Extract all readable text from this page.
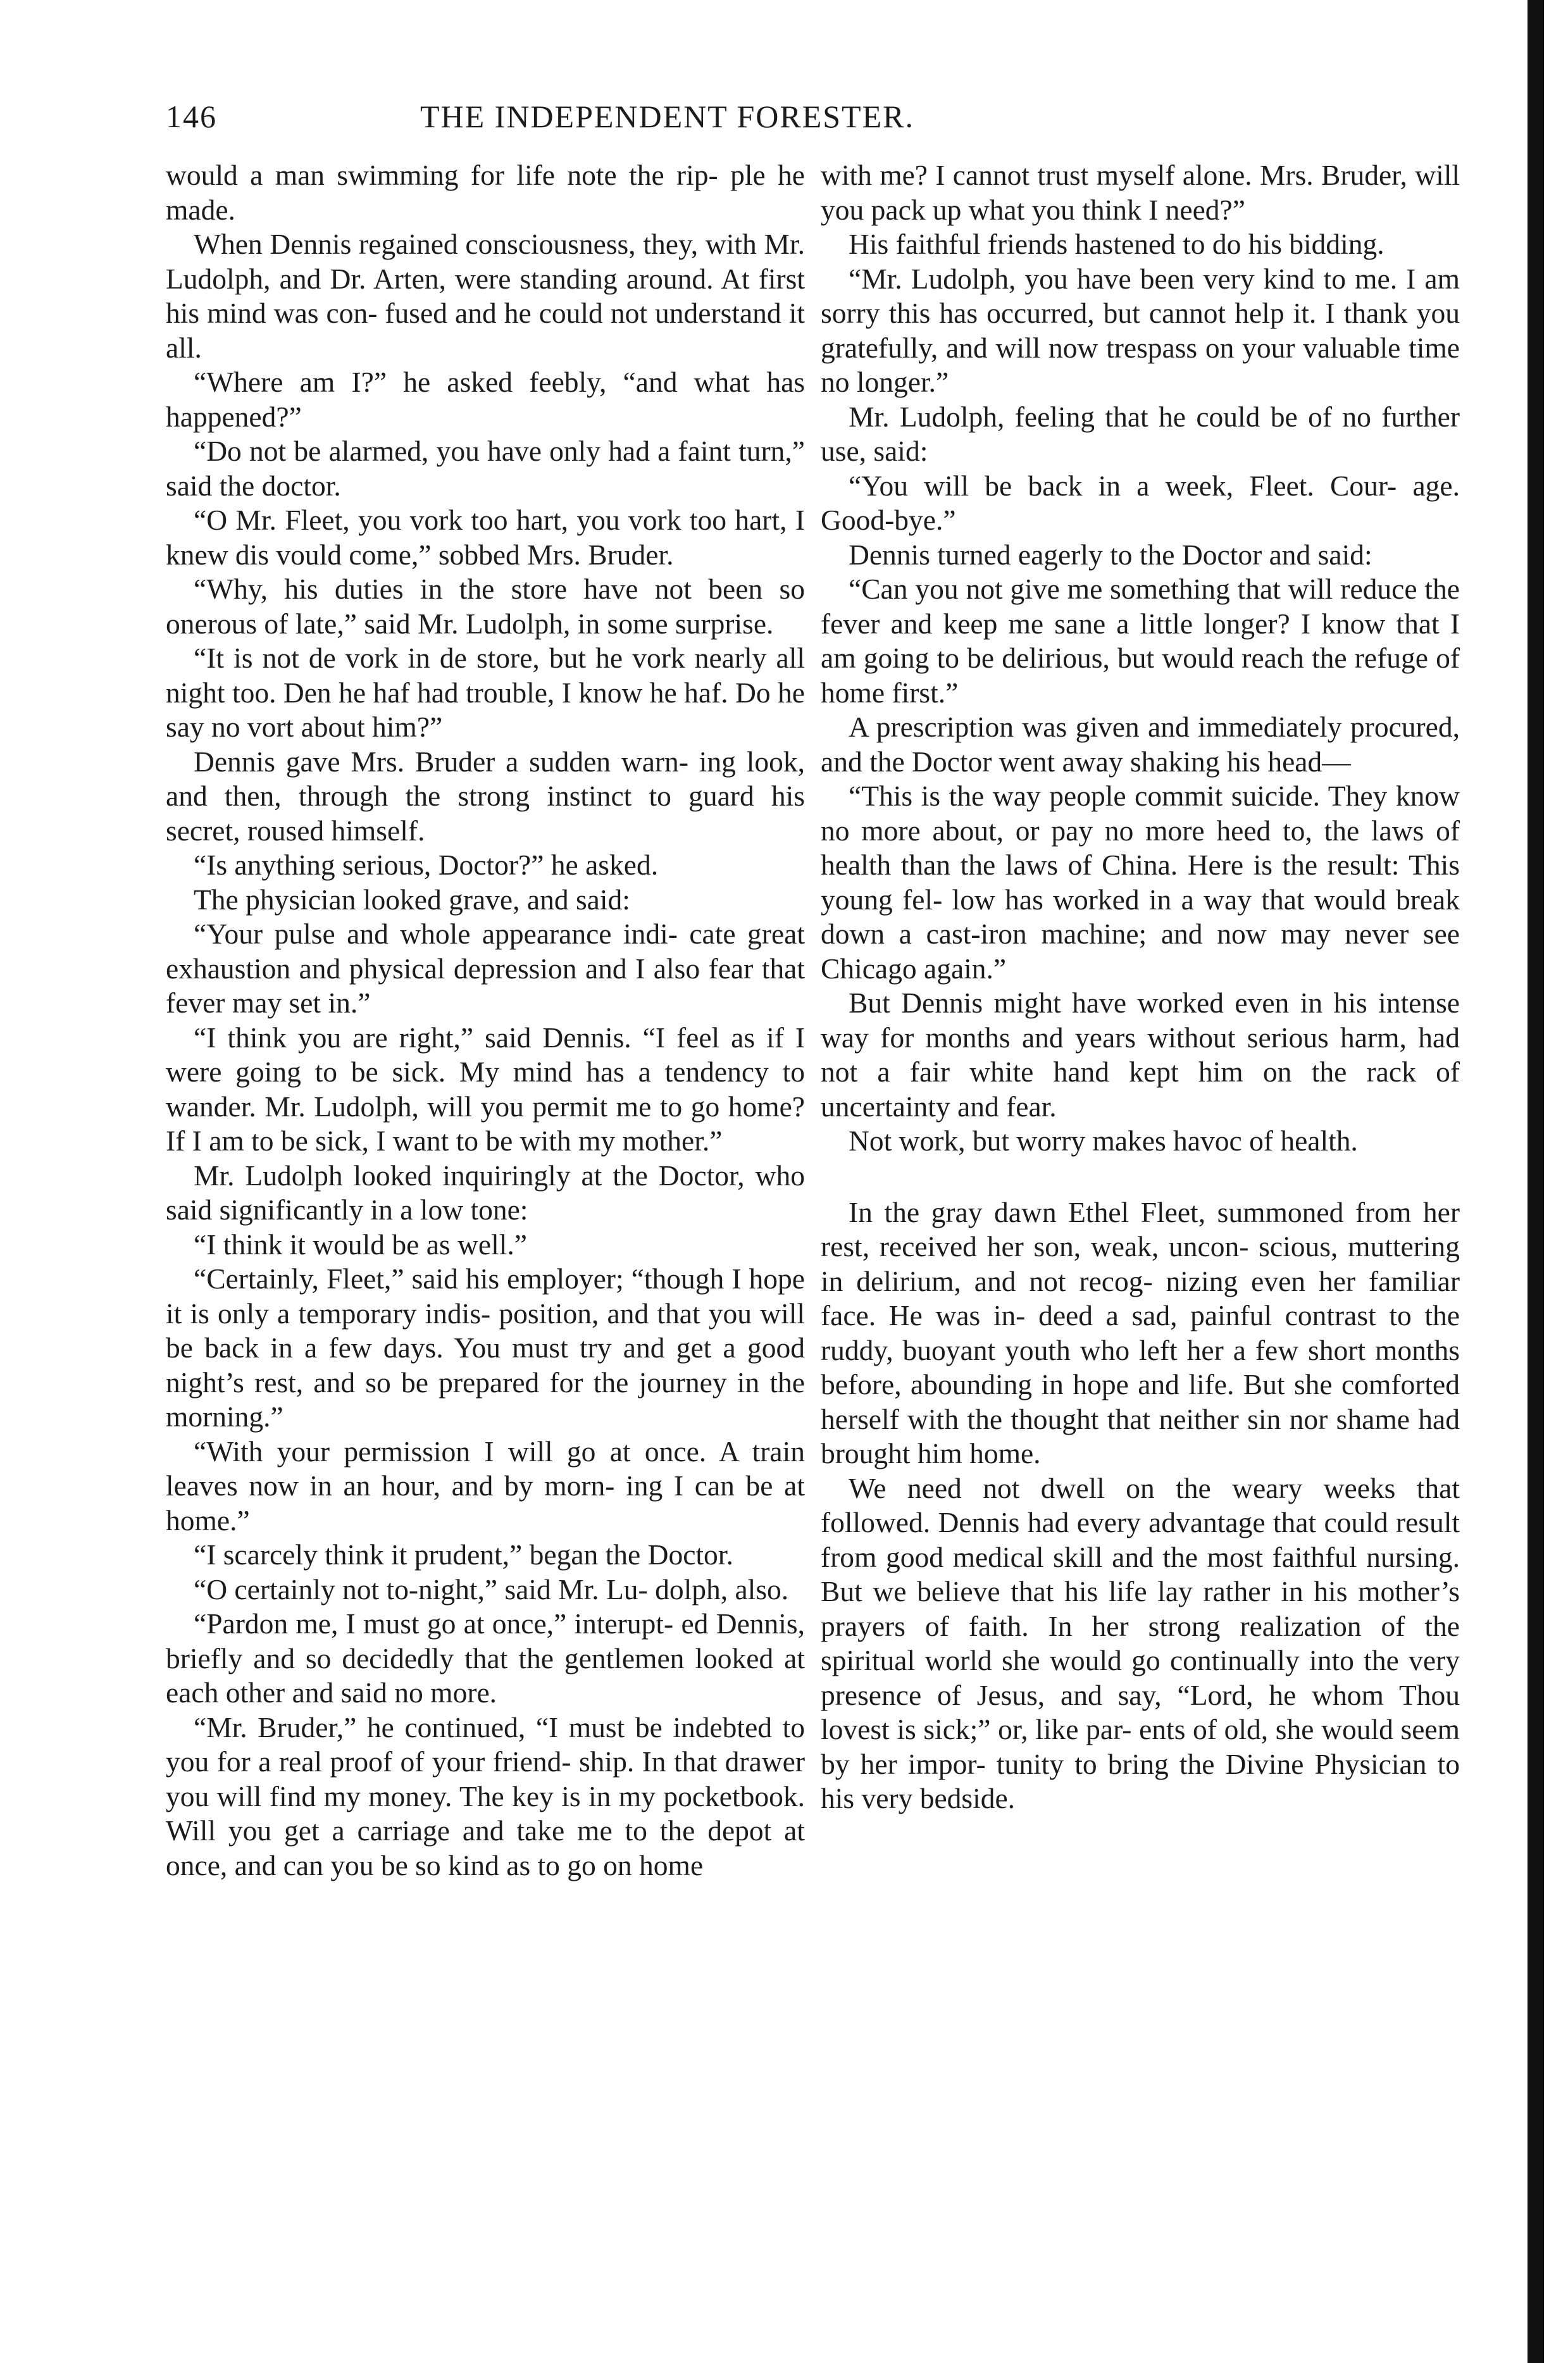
146	THE INDEPENDENT FORESTER.

would a man swimming for life note the rip- ple he made.

When Dennis regained consciousness, they, with Mr. Ludolph, and Dr. Arten, were standing around. At first his mind was con- fused and he could not understand it all.

“Where am I?” he asked feebly, “and what has happened?”

“Do not be alarmed, you have only had a faint turn,” said the doctor.

“O Mr. Fleet, you vork too hart, you vork too hart, I knew dis vould come,” sobbed Mrs. Bruder.

“Why, his duties in the store have not been so onerous of late,” said Mr. Ludolph, in some surprise.

“It is not de vork in de store, but he vork nearly all night too. Den he haf had trouble, I know he haf. Do he say no vort about him?”

Dennis gave Mrs. Bruder a sudden warn- ing look, and then, through the strong instinct to guard his secret, roused himself.

“Is anything serious, Doctor?” he asked.

The physician looked grave, and said:

“Your pulse and whole appearance indi- cate great exhaustion and physical depression and I also fear that fever may set in.”

“I think you are right,” said Dennis. “I feel as if I were going to be sick. My mind has a tendency to wander. Mr. Ludolph, will you permit me to go home? If I am to be sick, I want to be with my mother.”

Mr. Ludolph looked inquiringly at the Doctor, who said significantly in a low tone:

“I think it would be as well.”

“Certainly, Fleet,” said his employer; “though I hope it is only a temporary indis- position, and that you will be back in a few days. You must try and get a good night’s rest, and so be prepared for the journey in the morning.”

“With your permission I will go at once. A train leaves now in an hour, and by morn- ing I can be at home.”

“I scarcely think it prudent,” began the Doctor.

“O certainly not to-night,” said Mr. Lu- dolph, also.

“Pardon me, I must go at once,” interupt- ed Dennis, briefly and so decidedly that the gentlemen looked at each other and said no more.

“Mr. Bruder,” he continued, “I must be indebted to you for a real proof of your friend- ship. In that drawer you will find my money. The key is in my pocketbook. Will you get a carriage and take me to the depot at once, and can you be so kind as to go on home

with me? I cannot trust myself alone. Mrs. Bruder, will you pack up what you think I need?”

His faithful friends hastened to do his bidding.

“Mr. Ludolph, you have been very kind to me. I am sorry this has occurred, but cannot help it. I thank you gratefully, and will now trespass on your valuable time no longer.”

Mr. Ludolph, feeling that he could be of no further use, said:

“You will be back in a week, Fleet. Cour- age. Good-bye.”

Dennis turned eagerly to the Doctor and said:

“Can you not give me something that will reduce the fever and keep me sane a little longer? I know that I am going to be delirious, but would reach the refuge of home first.”

A prescription was given and immediately procured, and the Doctor went away shaking his head—

“This is the way people commit suicide. They know no more about, or pay no more heed to, the laws of health than the laws of China. Here is the result: This young fel- low has worked in a way that would break down a cast-iron machine; and now may never see Chicago again.”

But Dennis might have worked even in his intense way for months and years without serious harm, had not a fair white hand kept him on the rack of uncertainty and fear.

Not work, but worry makes havoc of health.

In the gray dawn Ethel Fleet, summoned from her rest, received her son, weak, uncon- scious, muttering in delirium, and not recog- nizing even her familiar face. He was in- deed a sad, painful contrast to the ruddy, buoyant youth who left her a few short months before, abounding in hope and life. But she comforted herself with the thought that neither sin nor shame had brought him home.

We need not dwell on the weary weeks that followed. Dennis had every advantage that could result from good medical skill and the most faithful nursing. But we believe that his life lay rather in his mother’s prayers of faith. In her strong realization of the spiritual world she would go continually into the very presence of Jesus, and say, “Lord, he whom Thou lovest is sick;” or, like par- ents of old, she would seem by her impor- tunity to bring the Divine Physician to his very bedside.
